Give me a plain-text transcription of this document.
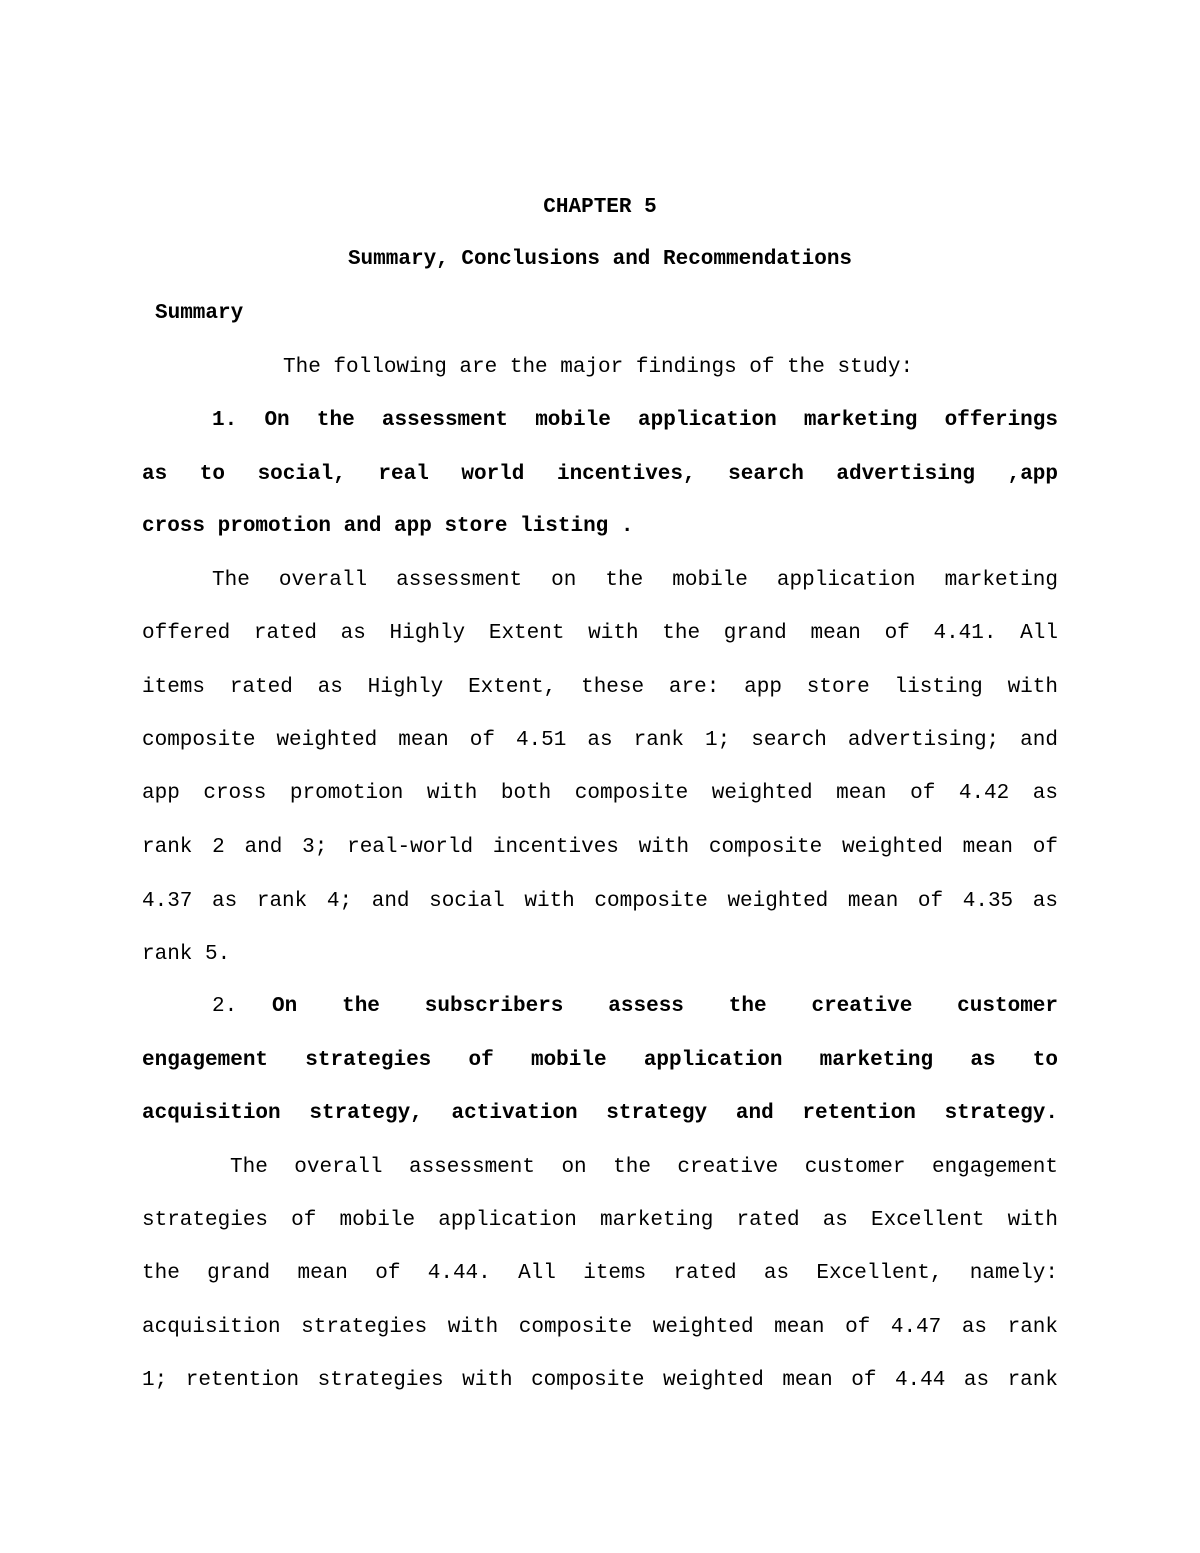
CHAPTER 5
Summary, Conclusions and Recommendations
Summary
The following are the major findings of the study:
1. On the assessment mobile application marketing offerings
as to social, real world incentives, search advertising ,app
cross promotion and app store listing .
The overall assessment on the mobile application marketing
offered rated as Highly Extent with the grand mean of 4.41. All
items rated as Highly Extent, these are: app store listing with
composite weighted mean of 4.51 as rank 1; search advertising; and
app cross promotion with both composite weighted mean of 4.42 as
rank 2 and 3; real-world incentives with composite weighted mean of
4.37 as rank 4; and social with composite weighted mean of 4.35 as
rank 5.
2. On the subscribers assess the creative customer
engagement strategies of mobile application marketing as to
acquisition strategy, activation strategy and retention strategy.
The overall assessment on the creative customer engagement
strategies of mobile application marketing rated as Excellent with
the grand mean of 4.44. All items rated as Excellent, namely:
acquisition strategies with composite weighted mean of 4.47 as rank
1; retention strategies with composite weighted mean of 4.44 as rank
